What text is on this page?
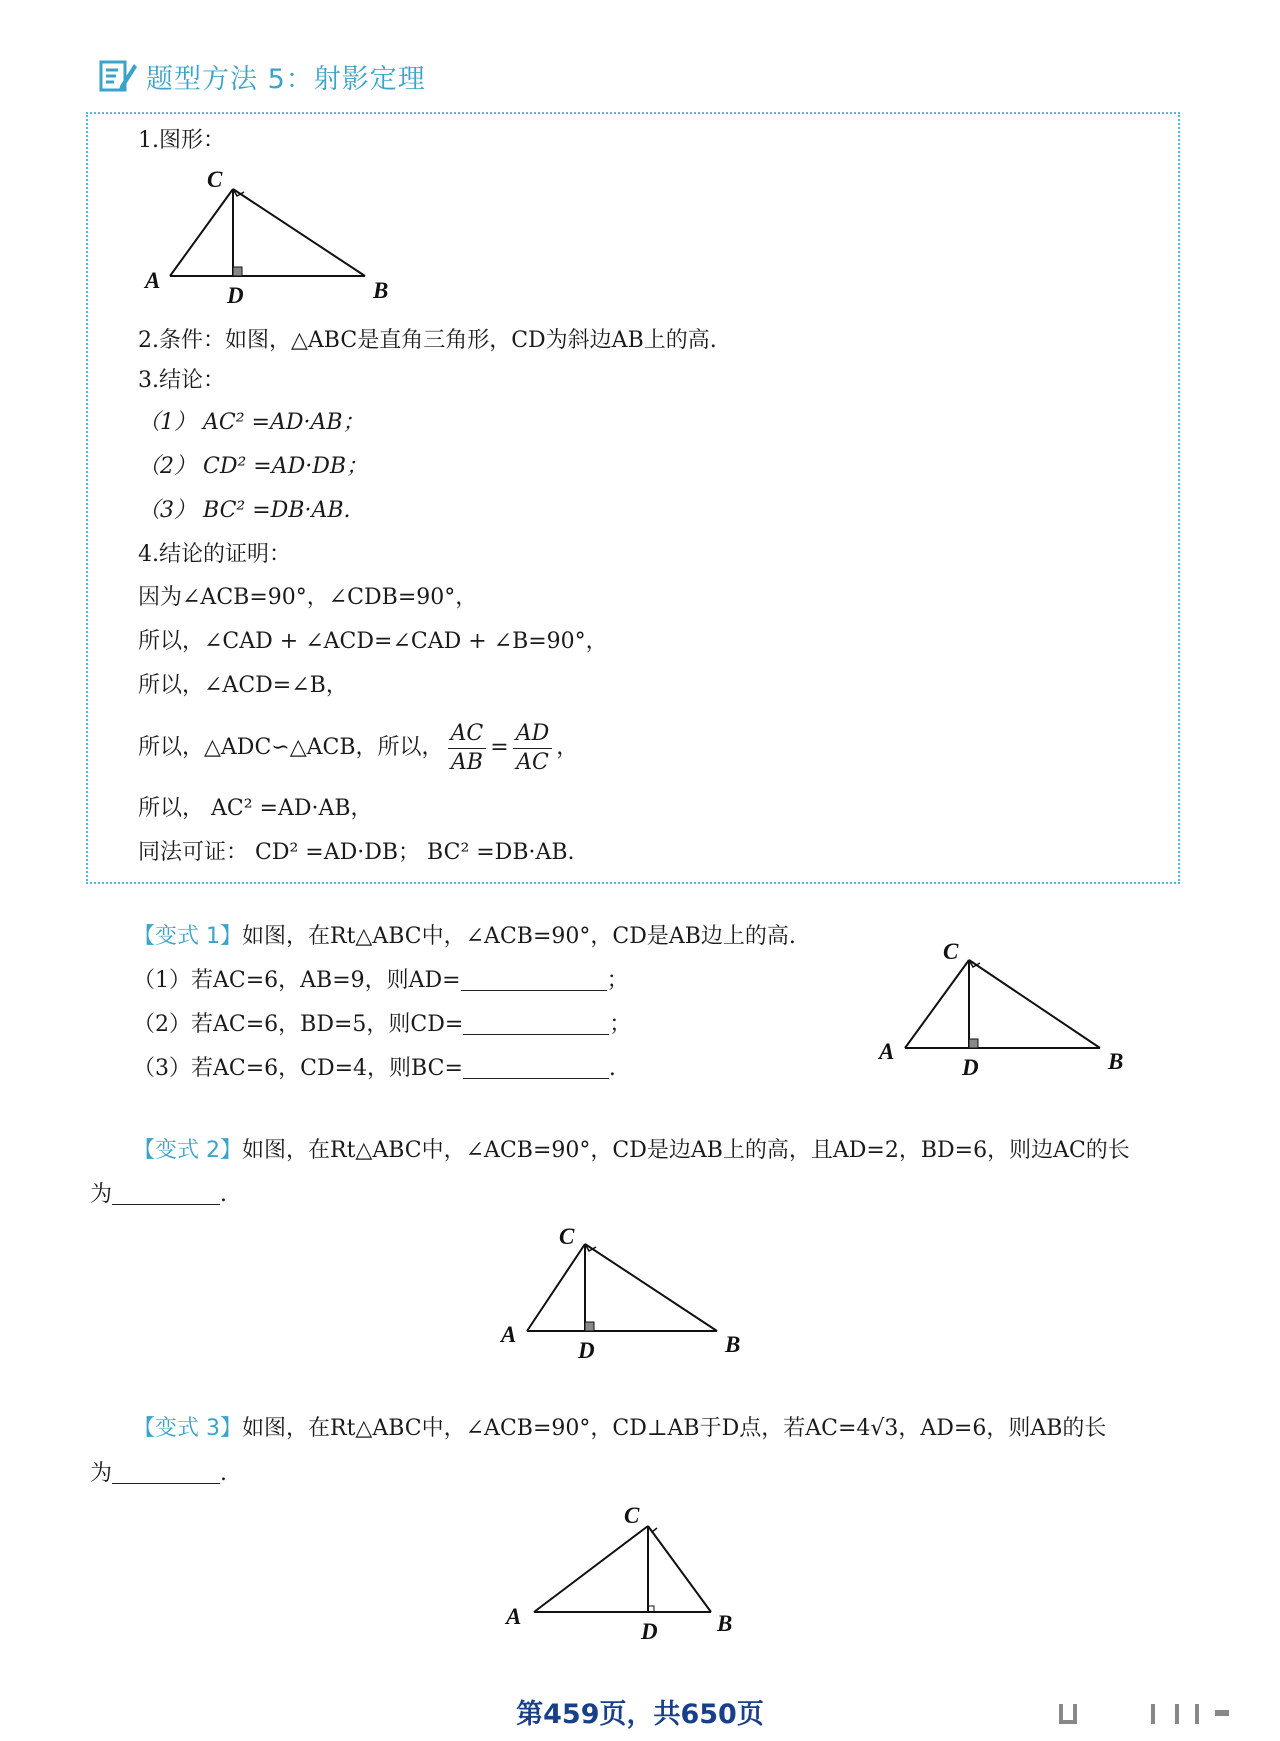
题型方法 5：射影定理
1.图形：
C
A
D	B
2.条件：如图，△ABC是直角三角形，CD为斜边AB上的高.
3.结论：
（1） AC² =AD·AB；
（2） CD² =AD·DB；
（3） BC² =DB·AB.
4.结论的证明：
因为∠ACB=90°，∠CDB=90°，
所以，∠CAD + ∠ACD=∠CAD + ∠B=90°，
所以，∠ACD=∠B，
所以，△ADC∽△ACB，所以， $\frac{AC}{AB} = \frac{AD}{AC}$ ，
所以， AC² =AD·AB，
同法可证： CD² =AD·DB； BC² =DB·AB.
【变式 1】如图，在Rt△ABC中，∠ACB=90°，CD是AB边上的高.
（1）若AC=6，AB=9，则AD=	；
（2）若AC=6，BD=5，则CD=	；
（3）若AC=6，CD=4，则BC=	.
C
A
D	B
【变式 2】如图，在Rt△ABC中，∠ACB=90°，CD是边AB上的高，且AD=2，BD=6，则边AC的长
为	.
C
A
D	B
【变式 3】如图，在Rt△ABC中，∠ACB=90°，CD⊥AB于D点，若AC=4√3，AD=6，则AB的长
为	.
C
A
D	B
第459页，共650页
